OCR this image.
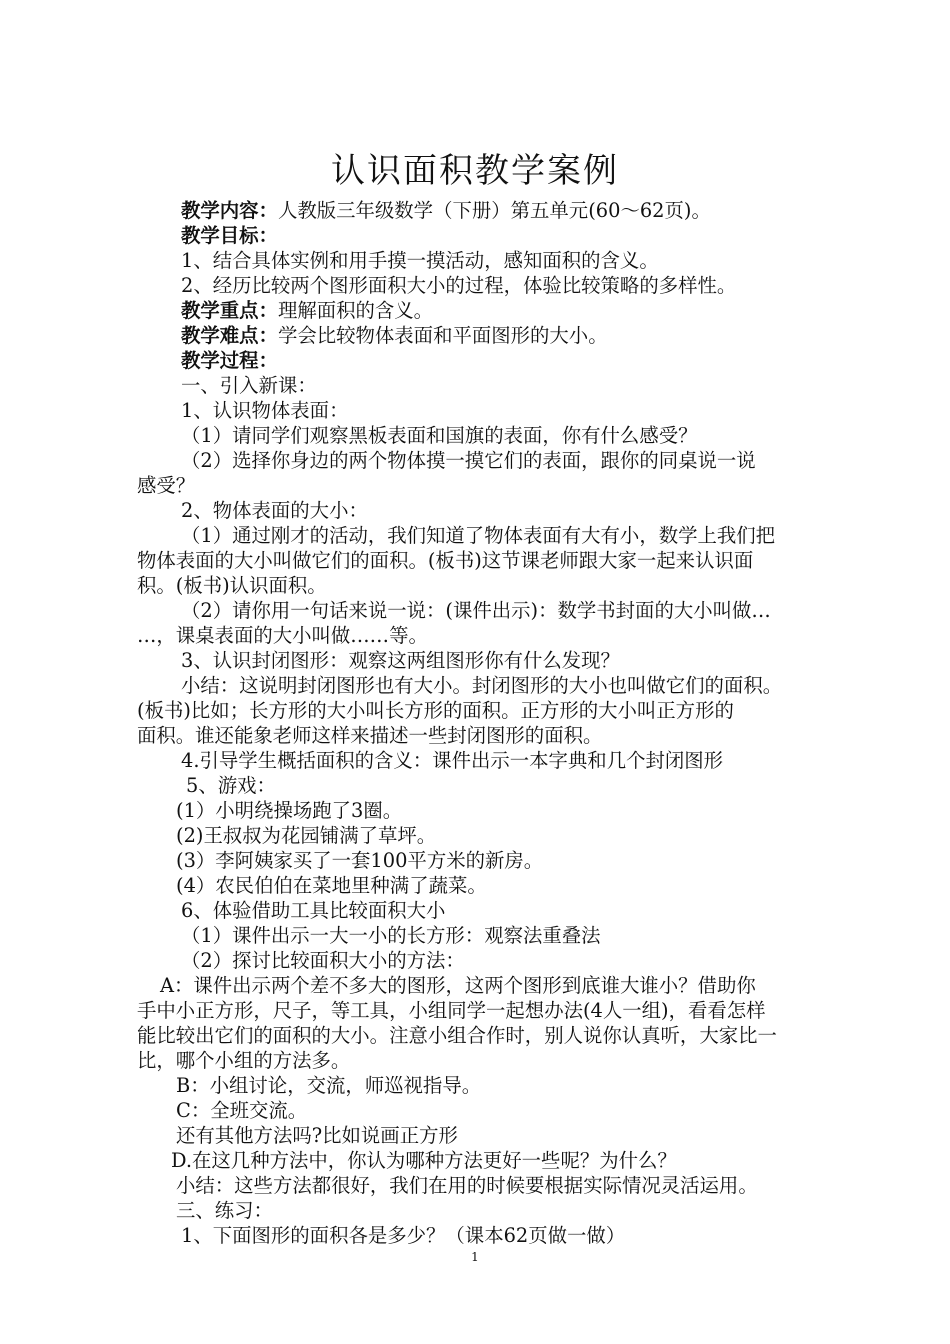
认识面积教学案例
教学内容：人教版三年级数学（下册）第五单元(60～62页)。
教学目标：
1、结合具体实例和用手摸一摸活动，感知面积的含义。
2、经历比较两个图形面积大小的过程，体验比较策略的多样性。
教学重点：理解面积的含义。
教学难点：学会比较物体表面和平面图形的大小。
教学过程：
一、引入新课：
1、认识物体表面：
（1）请同学们观察黑板表面和国旗的表面，你有什么感受？
（2）选择你身边的两个物体摸一摸它们的表面，跟你的同桌说一说
感受？
2、物体表面的大小：
（1）通过刚才的活动，我们知道了物体表面有大有小，数学上我们把
物体表面的大小叫做它们的面积。(板书)这节课老师跟大家一起来认识面
积。(板书)认识面积。
（2）请你用一句话来说一说：(课件出示)：数学书封面的大小叫做…
…，课桌表面的大小叫做……等。
3、认识封闭图形：观察这两组图形你有什么发现？
小结：这说明封闭图形也有大小。封闭图形的大小也叫做它们的面积。
(板书)比如；长方形的大小叫长方形的面积。正方形的大小叫正方形的
面积。谁还能象老师这样来描述一些封闭图形的面积。
4.引导学生概括面积的含义：课件出示一本字典和几个封闭图形
5、游戏：
(1）小明绕操场跑了3圈。
(2)王叔叔为花园铺满了草坪。
(3）李阿姨家买了一套100平方米的新房。
(4）农民伯伯在菜地里种满了蔬菜。
6、体验借助工具比较面积大小
（1）课件出示一大一小的长方形：观察法重叠法
（2）探讨比较面积大小的方法：
A：课件出示两个差不多大的图形，这两个图形到底谁大谁小？借助你
手中小正方形，尺子，等工具，小组同学一起想办法(4人一组)，看看怎样
能比较出它们的面积的大小。注意小组合作时，别人说你认真听，大家比一
比，哪个小组的方法多。
B：小组讨论，交流，师巡视指导。
C：全班交流。
还有其他方法吗?比如说画正方形
D.在这几种方法中，你认为哪种方法更好一些呢？为什么？
小结：这些方法都很好，我们在用的时候要根据实际情况灵活运用。
三、练习：
1、下面图形的面积各是多少？（课本62页做一做）
1
